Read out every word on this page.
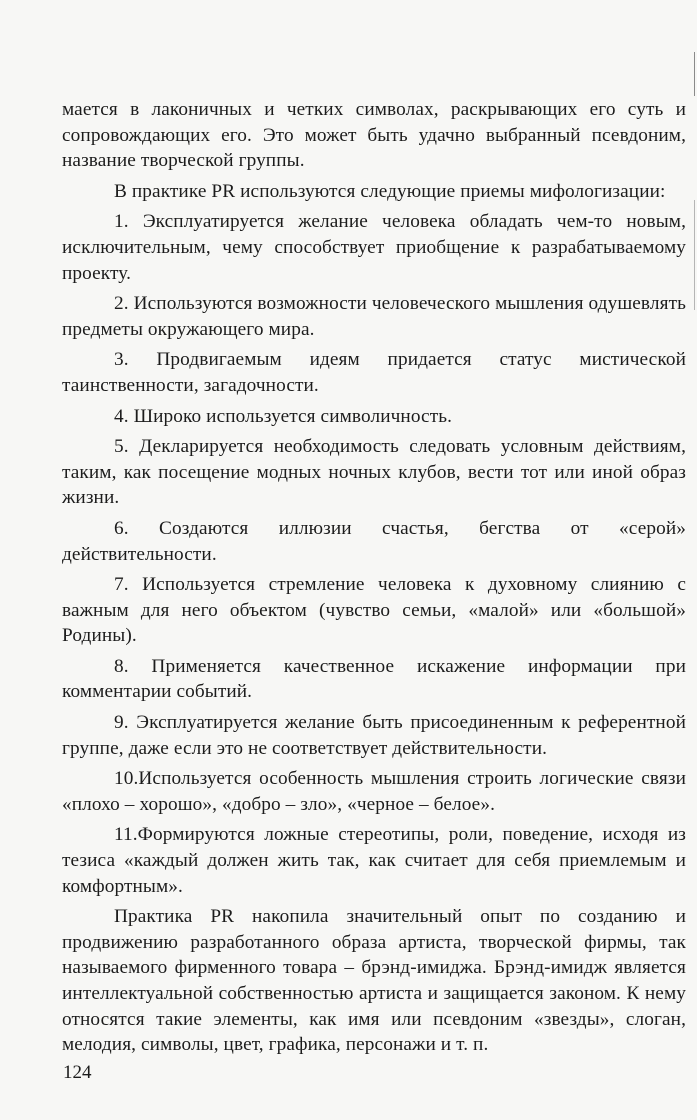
мается в лаконичных и четких символах, раскрывающих его суть и сопровождающих его. Это может быть удачно выбранный псевдоним, название творческой группы.

В практике PR используются следующие приемы мифологизации:

1. Эксплуатируется желание человека обладать чем-то новым, исключительным, чему способствует приобщение к разрабатываемому проекту.

2. Используются возможности человеческого мышления одушевлять предметы окружающего мира.

3. Продвигаемым идеям придается статус мистической таинственности, загадочности.

4. Широко используется символичность.

5. Декларируется необходимость следовать условным действиям, таким, как посещение модных ночных клубов, вести тот или иной образ жизни.

6. Создаются иллюзии счастья, бегства от «серой» действительности.

7. Используется стремление человека к духовному слиянию с важным для него объектом (чувство семьи, «малой» или «большой» Родины).

8. Применяется качественное искажение информации при комментарии событий.

9. Эксплуатируется желание быть присоединенным к референтной группе, даже если это не соответствует действительности.

10.Используется особенность мышления строить логические связи «плохо – хорошо», «добро – зло», «черное – белое».

11.Формируются ложные стереотипы, роли, поведение, исходя из тезиса «каждый должен жить так, как считает для себя приемлемым и комфортным».

Практика PR накопила значительный опыт по созданию и продвижению разработанного образа артиста, творческой фирмы, так называемого фирменного товара – брэнд-имиджа. Брэнд-имидж является интеллектуальной собственностью артиста и защищается законом. К нему относятся такие элементы, как имя или псевдоним «звезды», слоган, мелодия, символы, цвет, графика, персонажи и т. п.

124
